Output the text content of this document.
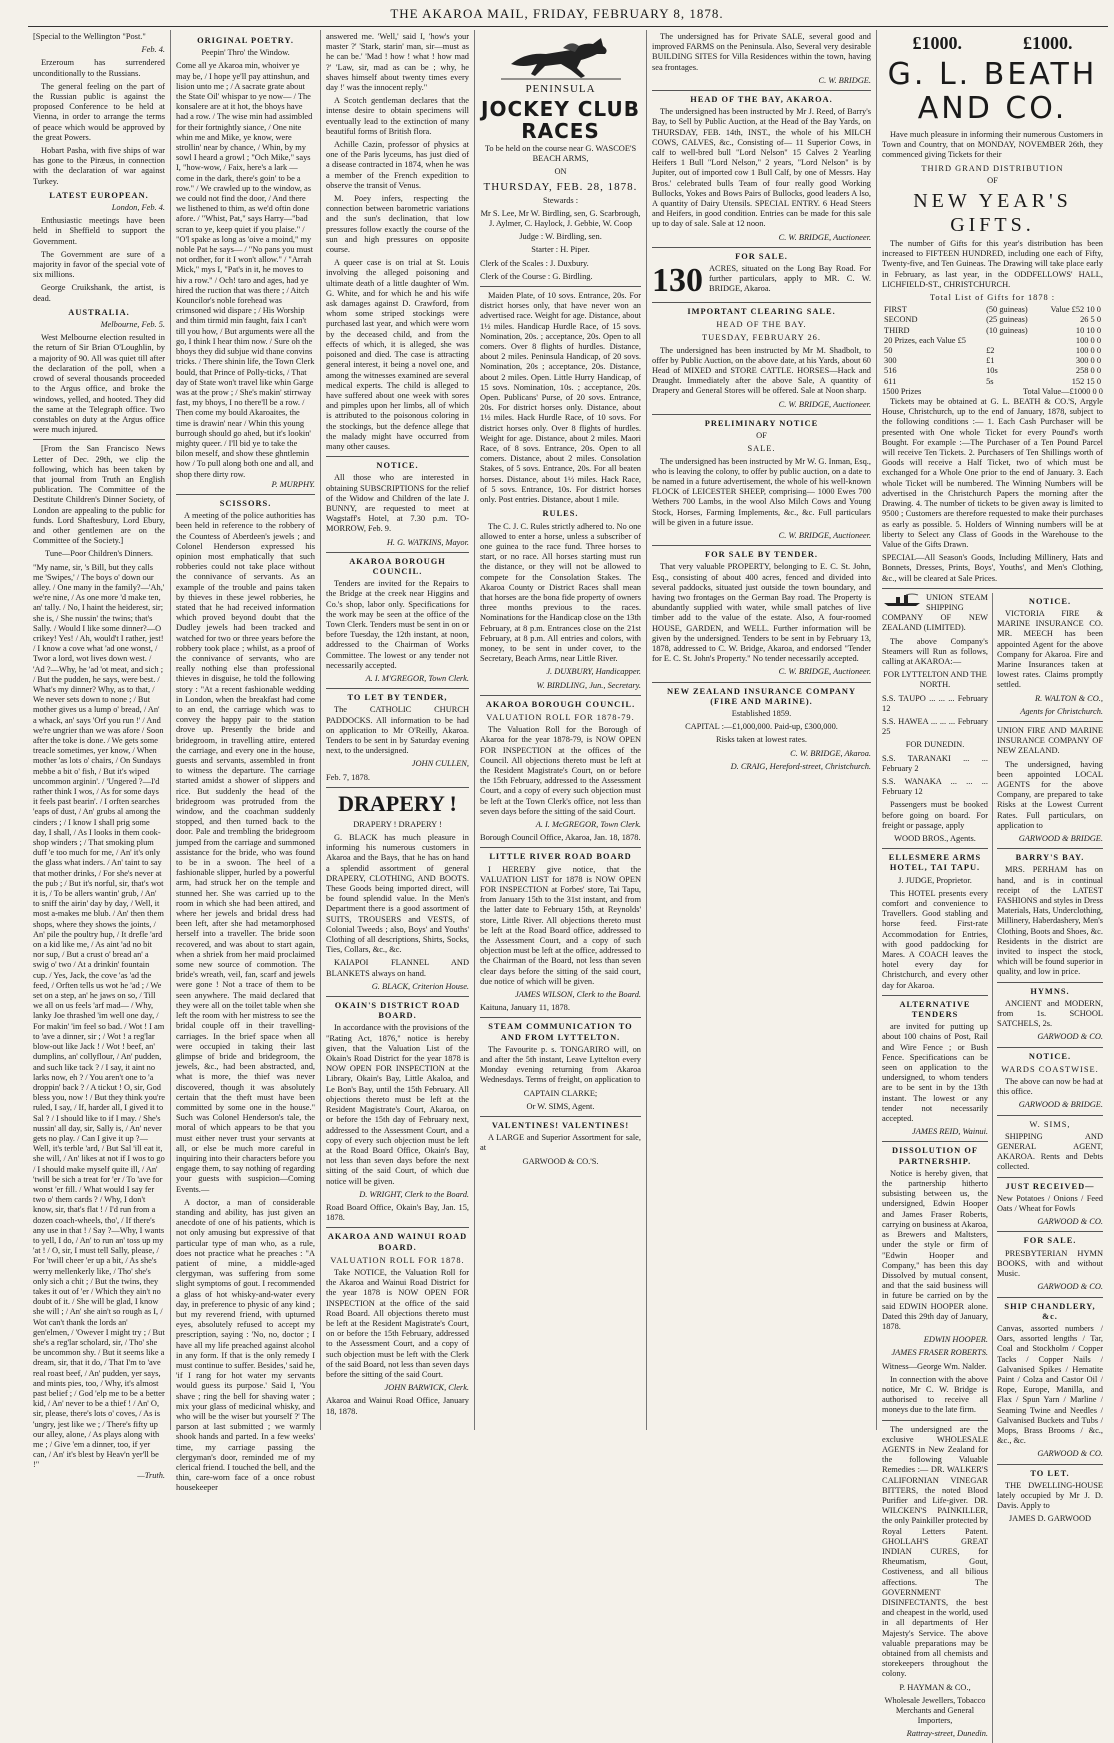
THE AKAROA MAIL, FRIDAY, FEBRUARY 8, 1878.

[Special to the Wellington "Post."

Feb. 4.

Erzeroum has surrendered unconditionally to the Russians.

The general feeling on the part of the Russian public is against the proposed Conference to be held at Vienna, in order to arrange the terms of peace which would be approved by the great Powers.

Hobart Pasha, with five ships of war has gone to the Piræus, in connection with the declaration of war against Turkey.

LATEST EUROPEAN.

London, Feb. 4.

Enthusiastic meetings have been held in Sheffield to support the Government.

The Government are sure of a majority in favor of the special vote of six millions.

George Cruikshank, the artist, is dead.

AUSTRALIA.

Melbourne, Feb. 5.

West Melbourne election resulted in the return of Sir Brian O'Loughlin, by a majority of 90. All was quiet till after the declaration of the poll, when a crowd of several thousands proceeded to the Argus office, and broke the windows, yelled, and hooted. They did the same at the Telegraph office. Two constables on duty at the Argus office were much injured.

[From the San Francisco News Letter of Dec. 29th, we clip the following, which has been taken by that journal from Truth an English publication. The Committee of the Destitute Children's Dinner Society, of London are appealing to the public for funds. Lord Shaftesbury, Lord Ebury, and other gentlemen are on the Committee of the Society.]

Tune—Poor Children's Dinners.

"My name, sir, 's Bill, but they calls me 'Swipes,' / The boys o' down our alley. / One many in the family?—'Ah,' we're nine, / As one more 'd make ten, an' tally. / No, I haint the heiderest, sir; she is, / She nussin' the twins; that's Sally. / Would I like some dinner?—O crikey! Yes! / Ah, would't I rather, jest! / I know a cove what 'ad one wonst, / Twor a lord, wot lives down west. / 'Ad ?—Why, he 'ad 'ot meat, and sich ; / But the pudden, he says, were best. / What's my dinner? Why, as to that, / We never sets down to none ; / But mother gives us a lump o' bread, / An' a whack, an' says 'Orf you run !' / And we're ungrier than we was afore / Soon after the toke is done. / We gets some treacle sometimes, yer know, / When mother 'as lots o' chairs, / On Sundays mebbe a bit o' fish, / But it's wiped uncommon arginin'. / 'Ungered ?—I'd rather think I wos, / As for some days it feels past bearin'. / I orften searches 'eaps of dust, / An' grubs al among the cinders ; / I know I shall prig some day, I shall, / As I looks in them cook-shop winders ; / That smoking plum duff 'e too much for me, / An' it's only the glass what inders. / An' taint to say that mother drinks, / For she's never at the pub ; / But it's norful, sir, that's wot it is, / To be allers wantin' grub, / An' to sniff the airin' day by day, / Well, it most a-makes me blub. / An' then them shops, where they shows the joints, / An' pile the poultry hup, / It drefle 'ard on a kid like me, / As aint 'ad no bit nor sup, / But a crust o' bread an' a swig o' two / At a drinkin' fountain cup. / Yes, Jack, the cove 'as 'ad the feed, / Orften tells us wot he 'ad ; / We set on a step, an' he jaws on so, / Till we all on us feels 'arf mad— / Why, lanky Joe thrashed 'im well one day, / For makin' 'im feel so bad. / Wot ! I am to 'ave a dinner, sir ; / Wot ! a reg'lar blow-out like Jack ! / Wot ! beef, an' dumplins, an' collyflour, / An' pudden, and such like tack ? / I say, it aint no larks now, eh ? / You aren't one to 'a droppin' back ? / A tickut ! O, sir, God bless you, now ! / But they think you're ruled, I say, / If, harder all, I gived it to Sal ? / I should like to if I may. / She's nussin' all day, sir, Sally is, / An' never gets no play. / Can I give it up ?—Well, it's terble 'ard, / But Sal 'ill eat it, she will, / An' likes at not if I wos to go / I should make myself quite ill, / An' 'twill be sich a treat for 'er / To 'ave for wonst 'er fill. / What would I say fer two o' them cards ? / Why, I don't know, sir, that's flat ! / I'd run from a dozen coach-wheels, tho', / If there's any use in that ! / Say ?—Why, I wants to yell, I do, / An' to run an' toss up my 'at ! / O, sir, I must tell Sally, please, / For 'twill cheer 'er up a bit, / As she's werry mellenkerly like, / Tho' she's only sich a chit ; / But the twins, they takes it out of 'er / Which they ain't no doubt of it. / She will be glad, I know she will ; / An' she ain't so rough as I, / Wot can't thank the lords an' gen'elmen, / 'Owever I might try ; / But she's a reg'lar scholard, sir, / Tho' she be uncommon shy. / But it seems like a dream, sir, that it do, / That I'm to 'ave real roast beef, / An' pudden, yer says, and mints pies, too, / Why, it's almost past belief ; / God 'elp me to be a better kid, / An' never to be a thief ! / An' O, sir, please, there's lots o' coves, / As is 'ungry, jest like we ; / There's fifty up our alley, alone, / As plays along with me ; / Give 'em a dinner, too, if yer can, / An' it's blest by Heav'n yer'll be !"

—Truth.

ORIGINAL POETRY.

Peepin' Thro' the Window.

Come all ye Akaroa min, whoiver ye may be, / I hope ye'll pay attinshun, and lision unto me ; / A sacrate grate about the State Oil' whispar to ye now— / The konsalere are at it hot, the bhoys have had a row. / The wise min had assimbled for their fortnightly siance, / One nite whin me and Mike, ye know, were strollin' near by chance, / Whin, by my sowl I heard a growl ; "Och Mike," says I, "how-wow, / Faix, here's a lark — come in the dark, there's goin' to be a row." / We crawled up to the window, as we could not find the door, / And there we listhened to thim, as we'd oftin done afore. / "Whist, Pat," says Harry—"bad scran to ye, keep quiet if you plaise." / "O'l spake as long as 'oive a moind," my noble Pat he says— / "No pans you must not ordher, for it I won't allow." / "Arrah Mick," mys I, "Pat's in it, he moves to hiv a row." / Och! taro and ages, had ye hired the ruction that was there ; / Aitch Kouncilor's noble forehead was crimsoned wid dispare ; / His Worship and thim tirmid min faught, faix I can't till you how, / But arguments were all the go, I think I hear thim now. / Sure oh the bhoys they did subjue wid thane convins tricks. / There shinin life, the Town Clerk bould, that Prince of Polly-ticks, / That day of State won't travel like whin Garge was at the prow ; / She's makin' stirrway fast, my bhoys, I no there'll be a row. / Then come my bould Akaroaites, the time is drawin' near / Whin this young burrough should go ahed, but it's lookin' mighty queer. / I'll bid ye to take the bilon meself, and show these ghntlemin how / To pull along both one and all, and shop there dirty row.

P. MURPHY.

SCISSORS.

A meeting of the police authorities has been held in reference to the robbery of the Countess of Aberdeen's jewels ; and Colonel Henderson expressed his opinion most emphatically that such robberies could not take place without the connivance of servants. As an example of the trouble and pains taken by thieves in these jewel robberies, he stated that he had received information which proved beyond doubt that the Dudley jewels had been tracked and watched for two or three years before the robbery took place ; whilst, as a proof of the connivance of servants, who are really nothing else than professional thieves in disguise, he told the following story : "At a recent fashionable wedding in London, when the breakfast had come to an end, the carriage which was to convey the happy pair to the station drove up. Presently the bride and bridegroom, in travelling attire, entered the carriage, and every one in the house, guests and servants, assembled in front to witness the departure. The carriage started amidst a shower of slippers and rice. But suddenly the head of the bridegroom was protruded from the window, and the coachman suddenly stopped, and then turned back to the door. Pale and trembling the bridegroom jumped from the carriage and summoned assistance for the bride, who was found to be in a swoon. The heel of a fashionable slipper, hurled by a powerful arm, had struck her on the temple and stunned her. She was carried up to the room in which she had been attired, and where her jewels and bridal dress had been left, after she had metamorphosed herself into a traveller. The bride soon recovered, and was about to start again, when a shriek from her maid proclaimed some new source of commotion. The bride's wreath, veil, fan, scarf and jewels were gone ! Not a trace of them to be seen anywhere. The maid declared that they were all on the toilet table when she left the room with her mistress to see the bridal couple off in their travelling-carriages. In the brief space when all were occupied in taking their last glimpse of bride and bridegroom, the jewels, &c., had been abstracted, and, what is more, the thief was never discovered, though it was absolutely certain that the theft must have been committed by some one in the house." Such was Colonel Henderson's tale, the moral of which appears to be that you must either never trust your servants at all, or else be much more careful in inquiring into their characters before you engage them, to say nothing of regarding your guests with suspicion—Coming Events.—

A doctor, a man of considerable standing and ability, has just given an anecdote of one of his patients, which is not only amusing but expressive of that particular type of man who, as a rule, does not practice what he preaches : "A patient of mine, a middle-aged clergyman, was suffering from some slight symptoms of gout. I recommended a glass of hot whisky-and-water every day, in preference to physic of any kind ; but my reverend friend, with upturned eyes, absolutely refused to accept my prescription, saying : 'No, no, doctor ; I have all my life preached against alcohol in any form. If that is the only remedy I must continue to suffer. Besides,' said he, 'if I rang for hot water my servants would guess its purpose.' Said I, 'You shave ; ring the bell for shaving water ; mix your glass of medicinal whisky, and who will be the wiser but yourself ?' The parson at last submitted ; we warmly shook hands and parted. In a few weeks' time, my carriage passing the clergyman's door, reminded me of my clerical friend. I touched the bell, and the thin, care-worn face of a once robust housekeeper

answered me. 'Well,' said I, 'how's your master ?' 'Stark, starin' man, sir—must as he can be.' 'Mad ! how ! what ! how mad ?' 'Law, sir, mad as can be ; why, he shaves himself about twenty times every day !' was the innocent reply."

A Scotch gentleman declares that the intense desire to obtain specimens will eventually lead to the extinction of many beautiful forms of British flora.

Achille Cazin, professor of physics at one of the Paris lyceums, has just died of a disease contracted in 1874, when he was a member of the French expedition to observe the transit of Venus.

M. Poey infers, respecting the connection between barometric variations and the sun's declination, that low pressures follow exactly the course of the sun and high pressures on opposite course.

A queer case is on trial at St. Louis involving the alleged poisoning and ultimate death of a little daughter of Wm. G. White, and for which he and his wife ask damages against D. Crawford, from whom some striped stockings were purchased last year, and which were worn by the deceased child, and from the effects of which, it is alleged, she was poisoned and died. The case is attracting general interest, it being a novel one, and among the witnesses examined are several medical experts. The child is alleged to have suffered about one week with sores and pimples upon her limbs, all of which is attributed to the poisonous coloring in the stockings, but the defence allege that the malady might have occurred from many other causes.

NOTICE.

All those who are interested in obtaining SUBSCRIPTIONS for the relief of the Widow and Children of the late J. BUNNY, are requested to meet at Wagstaff's Hotel, at 7.30 p.m. TO-MORROW, Feb. 9.

H. G. WATKINS, Mayor.

AKAROA BOROUGH COUNCIL.

Tenders are invited for the Repairs to the Bridge at the creek near Higgins and Co.'s shop, labor only. Specifications for the work may be seen at the office of the Town Clerk. Tenders must be sent in on or before Tuesday, the 12th instant, at noon, addressed to the Chairman of Works Committee. The lowest or any tender not necessarily accepted.

A. I. M'GREGOR, Town Clerk.

TO LET BY TENDER,

The CATHOLIC CHURCH PADDOCKS. All information to be had on application to Mr O'Reilly, Akaroa. Tenders to be sent in by Saturday evening next, to the undersigned.

JOHN CULLEN,

Feb. 7, 1878.

DRAPERY !

DRAPERY ! DRAPERY !

G. BLACK has much pleasure in informing his numerous customers in Akaroa and the Bays, that he has on hand a splendid assortment of general DRAPERY, CLOTHING, AND BOOTS. These Goods being imported direct, will be found splendid value. In the Men's Department there is a good assortment of SUITS, TROUSERS and VESTS, of Colonial Tweeds ; also, Boys' and Youths' Clothing of all descriptions, Shirts, Socks, Ties, Collars, &c., &c.

KAIAPOI FLANNEL AND BLANKETS always on hand.

G. BLACK, Criterion House.

OKAIN'S DISTRICT ROAD BOARD.

In accordance with the provisions of the "Rating Act, 1876," notice is hereby given, that the Valuation List of the Okain's Road District for the year 1878 is NOW OPEN FOR INSPECTION at the Library, Okain's Bay, Little Akaloa, and Le Bon's Bay, until the 15th February. All objections thereto must be left at the Resident Magistrate's Court, Akaroa, on or before the 15th day of February next, addressed to the Assessment Court, and a copy of every such objection must be left at the Road Board Office, Okain's Bay, not less than seven days before the next sitting of the said Court, of which due notice will be given.

D. WRIGHT, Clerk to the Board.

Road Board Office, Okain's Bay, Jan. 15, 1878.

AKAROA AND WAINUI ROAD BOARD.

VALUATION ROLL FOR 1878.

Take NOTICE, the Valuation Roll for the Akaroa and Wainui Road District for the year 1878 is NOW OPEN FOR INSPECTION at the office of the said Road Board. All objections thereto must be left at the Resident Magistrate's Court, on or before the 15th February, addressed to the Assessment Court, and a copy of such objection must be left with the Clerk of the said Board, not less than seven days before the sitting of the said Court.

JOHN BARWICK, Clerk.

Akaroa and Wainui Road Office, January 18, 1878.

PENINSULA

JOCKEY CLUB RACES

To be held on the course near G. WASCOE'S BEACH ARMS,

ON

THURSDAY, FEB. 28, 1878.

Stewards :

Mr S. Lee, Mr W. Birdling, sen, G. Scarbrough, J. Aylmer, C. Haylock, J. Gebbie, W. Coop

Judge : W. Birdling, sen.

Starter : H. Piper.

Clerk of the Scales : J. Duxbury.

Clerk of the Course : G. Birdling.

Maiden Plate, of 10 sovs. Entrance, 20s. For district horses only, that have never won an advertised race. Weight for age. Distance, about 1½ miles. Handicap Hurdle Race, of 15 sovs. Nomination, 20s. ; acceptance, 20s. Open to all comers. Over 8 flights of hurdles. Distance, about 2 miles. Peninsula Handicap, of 20 sovs. Nomination, 20s ; acceptance, 20s. Distance, about 2 miles. Open. Little Hurry Handicap, of 15 sovs. Nomination, 10s. ; acceptance, 20s. Open. Publicans' Purse, of 20 sovs. Entrance, 20s. For district horses only. Distance, about 1½ miles. Hack Hurdle Race, of 10 sovs. For district horses only. Over 8 flights of hurdles. Weight for age. Distance, about 2 miles. Maori Race, of 8 sovs. Entrance, 20s. Open to all comers. Distance, about 2 miles. Consolation Stakes, of 5 sovs. Entrance, 20s. For all beaten horses. Distance, about 1½ miles. Hack Race, of 5 sovs. Entrance, 10s. For district horses only. Post entries. Distance, about 1 mile.

RULES.

The C. J. C. Rules strictly adhered to. No one allowed to enter a horse, unless a subscriber of one guinea to the race fund. Three horses to start, or no race. All horses starting must run the distance, or they will not be allowed to compete for the Consolation Stakes. The Akaroa County or District Races shall mean that horses are the bona fide property of owners three months previous to the races. Nominations for the Handicap close on the 13th February, at 8 p.m. Entrances close on the 21st February, at 8 p.m. All entries and colors, with money, to be sent in under cover, to the Secretary, Beach Arms, near Little River.

J. DUXBURY, Handicapper.

W. BIRDLING, Jun., Secretary.

AKAROA BOROUGH COUNCIL.

VALUATION ROLL FOR 1878-79.

The Valuation Roll for the Borough of Akaroa for the year 1878-79, is NOW OPEN FOR INSPECTION at the offices of the Council. All objections thereto must be left at the Resident Magistrate's Court, on or before the 15th February, addressed to the Assessment Court, and a copy of every such objection must be left at the Town Clerk's office, not less than seven days before the sitting of the said Court.

A. I. McGREGOR, Town Clerk.

Borough Council Office, Akaroa, Jan. 18, 1878.

LITTLE RIVER ROAD BOARD

I HEREBY give notice, that the VALUATION LIST for 1878 is NOW OPEN FOR INSPECTION at Forbes' store, Tai Tapu, from January 15th to the 31st instant, and from the latter date to February 15th, at Reynolds' store, Little River. All objections thereto must be left at the Road Board office, addressed to the Assessment Court, and a copy of such objection must be left at the office, addressed to the Chairman of the Board, not less than seven clear days before the sitting of the said court, due notice of which will be given.

JAMES WILSON, Clerk to the Board.

Kaituna, January 11, 1878.

STEAM COMMUNICATION TO AND FROM LYTTELTON.

The Favourite p. s. TONGARIRO will, on and after the 5th instant, Leave Lyttelton every Monday evening returning from Akaroa Wednesdays. Terms of freight, on application to

CAPTAIN CLARKE;

Or W. SIMS, Agent.

VALENTINES! VALENTINES!

A LARGE and Superior Assortment for sale, at

GARWOOD & CO.'S.

The undersigned has for Private SALE, several good and improved FARMS on the Peninsula. Also, Several very desirable BUILDING SITES for Villa Residences within the town, having sea frontages.

C. W. BRIDGE.

HEAD OF THE BAY, AKAROA.

The undersigned has been instructed by Mr J. Reed, of Barry's Bay, to Sell by Public Auction, at the Head of the Bay Yards, on THURSDAY, FEB. 14th, INST., the whole of his MILCH COWS, CALVES, &c., Consisting of— 11 Superior Cows, in calf to well-bred bull "Lord Nelson" 15 Calves 2 Yearling Heifers 1 Bull "Lord Nelson," 2 years, "Lord Nelson" is by Jupiter, out of imported cow 1 Bull Calf, by one of Messrs. Hay Bros.' celebrated bulls Team of four really good Working Bullocks, Yokes and Bows Pairs of Bullocks, good leaders A lso, A quantity of Dairy Utensils. SPECIAL ENTRY. 6 Head Steers and Heifers, in good condition. Entries can be made for this sale up to day of sale. Sale at 12 noon.

C. W. BRIDGE, Auctioneer.

FOR SALE.

130 ACRES, situated on the Long Bay Road. For further particulars, apply to MR. C. W. BRIDGE, Akaroa.

IMPORTANT CLEARING SALE.

HEAD OF THE BAY.

TUESDAY, FEBRUARY 26.

The undersigned has been instructed by Mr M. Shadbolt, to offer by Public Auction, on the above date, at his Yards, about 60 Head of MIXED and STORE CATTLE. HORSES—Hack and Draught. Immediately after the above Sale, A quantity of Drapery and General Stores will be offered. Sale at Noon sharp.

C. W. BRIDGE, Auctioneer.

PRELIMINARY NOTICE

OF

SALE.

The undersigned has been instructed by Mr W. G. Inman, Esq., who is leaving the colony, to offer by public auction, on a date to be named in a future advertisement, the whole of his well-known FLOCK of LEICESTER SHEEP, comprising— 1000 Ewes 700 Wethers 700 Lambs, in the wool Also Milch Cows and Young Stock, Horses, Farming Implements, &c., &c. Full particulars will be given in a future issue.

C. W. BRIDGE, Auctioneer.

FOR SALE BY TENDER.

That very valuable PROPERTY, belonging to E. C. St. John, Esq., consisting of about 400 acres, fenced and divided into several paddocks, situated just outside the town boundary, and having two frontages on the German Bay road. The Property is abundantly supplied with water, while small patches of live timber add to the value of the estate. Also, A four-roomed HOUSE, GARDEN, and WELL. Further information will be given by the undersigned. Tenders to be sent in by February 13, 1878, addressed to C. W. Bridge, Akaroa, and endorsed "Tender for E. C. St. John's Property." No tender necessarily accepted.

C. W. BRIDGE, Auctioneer.

NEW ZEALAND INSURANCE COMPANY (FIRE AND MARINE).

Established 1859.

CAPITAL :—£1,000,000. Paid-up, £300,000.

Risks taken at lowest rates.

C. W. BRIDGE, Akaroa.

D. CRAIG, Hereford-street, Christchurch.

£1000.	£1000.

G. L. BEATH AND CO.

Have much pleasure in informing their numerous Customers in Town and Country, that on MONDAY, NOVEMBER 26th, they commenced giving Tickets for their

THIRD GRAND DISTRIBUTION

OF

NEW YEAR'S GIFTS.

The number of Gifts for this year's distribution has been increased to FIFTEEN HUNDRED, including one each of Fifty, Twenty-five, and Ten Guineas. The Drawing will take place early in February, as last year, in the ODDFELLOWS' HALL, LICHFIELD-ST., CHRISTCHURCH.

Total List of Gifts for 1878 :

FIRST	(50 guineas)	Value £52 10 0
SECOND	(25 guineas)	26 5 0
THIRD	(10 guineas)	10 10 0
20 Prizes, each Value £5		100 0 0
50	£2	100 0 0
300	£1	300 0 0
516	10s	258 0 0
611	5s	152 15 0
1500 Prizes	Total Value—£1000 0 0

Tickets may be obtained at G. L. BEATH & CO.'S, Argyle House, Christchurch, up to the end of January, 1878, subject to the following conditions :— 1. Each Cash Purchaser will be presented with One whole Ticket for every Pound's worth Bought. For example :—The Purchaser of a Ten Pound Parcel will receive Ten Tickets. 2. Purchasers of Ten Shillings worth of Goods will receive a Half Ticket, two of which must be exchanged for a Whole One prior to the end of January. 3. Each whole Ticket will be numbered. The Winning Numbers will be advertised in the Christchurch Papers the morning after the Drawing. 4. The number of tickets to be given away is limited to 9500 ; Customers are therefore requested to make their purchases as early as possible. 5. Holders of Winning numbers will be at liberty to Select any Class of Goods in the Warehouse to the Value of the Gifts Drawn.

SPECIAL—All Season's Goods, Including Millinery, Hats and Bonnets, Dresses, Prints, Boys', Youths', and Men's Clothing, &c., will be cleared at Sale Prices.

UNION STEAM SHIPPING COMPANY OF NEW ZEALAND (LIMITED).

The above Company's Steamers will Run as follows, calling at AKAROA:—

FOR LYTTELTON AND THE NORTH.

S.S. TAUPO ... ... ... February 12

S.S. HAWEA ... ... ... February 25

FOR DUNEDIN.

S.S. TARANAKI ... ... February 2

S.S. WANAKA ... ... ... February 12

Passengers must be booked before going on board. For freight or passage, apply

WOOD BROS., Agents.

ELLESMERE ARMS HOTEL, TAI TAPU.

J. JUDGE, Proprietor.

This HOTEL presents every comfort and convenience to Travellers. Good stabling and horse feed. First-rate Accommodation for Entries, with good paddocking for Mares. A COACH leaves the hotel every day for Christchurch, and every other day for Akaroa.

ALTERNATIVE TENDERS

are invited for putting up about 100 chains of Post, Rail and Wire Fence ; or Bush Fence. Specifications can be seen on application to the undersigned, to whom tenders are to be sent in by the 13th instant. The lowest or any tender not necessarily accepted.

JAMES REID, Wainui.

DISSOLUTION OF PARTNERSHIP.

Notice is hereby given, that the partnership hitherto subsisting between us, the undersigned, Edwin Hooper and James Fraser Roberts, carrying on business at Akaroa, as Brewers and Maltsters, under the style or firm of "Edwin Hooper and Company," has been this day Dissolved by mutual consent, and that the said business will in future be carried on by the said EDWIN HOOPER alone. Dated this 29th day of January, 1878.

EDWIN HOOPER.

JAMES FRASER ROBERTS.

Witness—George Wm. Nalder.

In connection with the above notice, Mr C. W. Bridge is authorised to receive all moneys due to the late firm.

The undersigned are the exclusive WHOLESALE AGENTS in New Zealand for the following Valuable Remedies :— DR. WALKER'S CALIFORNIAN VINEGAR BITTERS, the noted Blood Purifier and Life-giver. DR. WILCKEN'S PAINKILLER, the only Painkiller protected by Royal Letters Patent. GHOLLAH'S GREAT INDIAN CURES, for Rheumatism, Gout, Costiveness, and all bilious affections. The GOVERNMENT DISINFECTANTS, the best and cheapest in the world, used in all departments of Her Majesty's Service. The above valuable preparations may be obtained from all chemists and storekeepers throughout the colony.

P. HAYMAN & CO.,

Wholesale Jewellers, Tobacco Merchants and General Importers,

Rattray-street, Dunedin.

NOTICE.

VICTORIA FIRE & MARINE INSURANCE CO. MR. MEECH has been appointed Agent for the above Company for Akaroa. Fire and Marine Insurances taken at lowest rates. Claims promptly settled.

R. WALTON & CO.,

Agents for Christchurch.

UNION FIRE AND MARINE INSURANCE COMPANY OF NEW ZEALAND.

The undersigned, having been appointed LOCAL AGENTS for the above Company, are prepared to take Risks at the Lowest Current Rates. Full particulars, on application to

GARWOOD & BRIDGE.

BARRY'S BAY.

MRS. PERHAM has on hand, and is in continual receipt of the LATEST FASHIONS and styles in Dress Materials, Hats, Underclothing, Millinery, Haberdashery, Men's Clothing, Boots and Shoes, &c. Residents in the district are invited to inspect the stock, which will be found superior in quality, and low in price.

HYMNS.

ANCIENT and MODERN, from 1s. SCHOOL SATCHELS, 2s.

GARWOOD & CO.

NOTICE.

WARDS COASTWISE.

The above can now be had at this office.

GARWOOD & BRIDGE.

W. SIMS,

SHIPPING AND GENERAL AGENT, AKAROA. Rents and Debts collected.

JUST RECEIVED—

New Potatoes / Onions / Feed Oats / Wheat for Fowls

GARWOOD & CO.

FOR SALE.

PRESBYTERIAN HYMN BOOKS, with and without Music.

GARWOOD & CO.

SHIP CHANDLERY, &c.

Canvas, assorted numbers / Oars, assorted lengths / Tar, Coal and Stockholm / Copper Tacks / Copper Nails / Galvanised Spikes / Hematite Paint / Colza and Castor Oil / Rope, Europe, Manilla, and Flax / Spun Yarn / Marline / Seaming Twine and Needles / Galvanised Buckets and Tubs / Mops, Brass Brooms / &c., &c., &c.

GARWOOD & CO.

TO LET.

THE DWELLING-HOUSE lately occupied by Mr J. D. Davis. Apply to

JAMES D. GARWOOD
